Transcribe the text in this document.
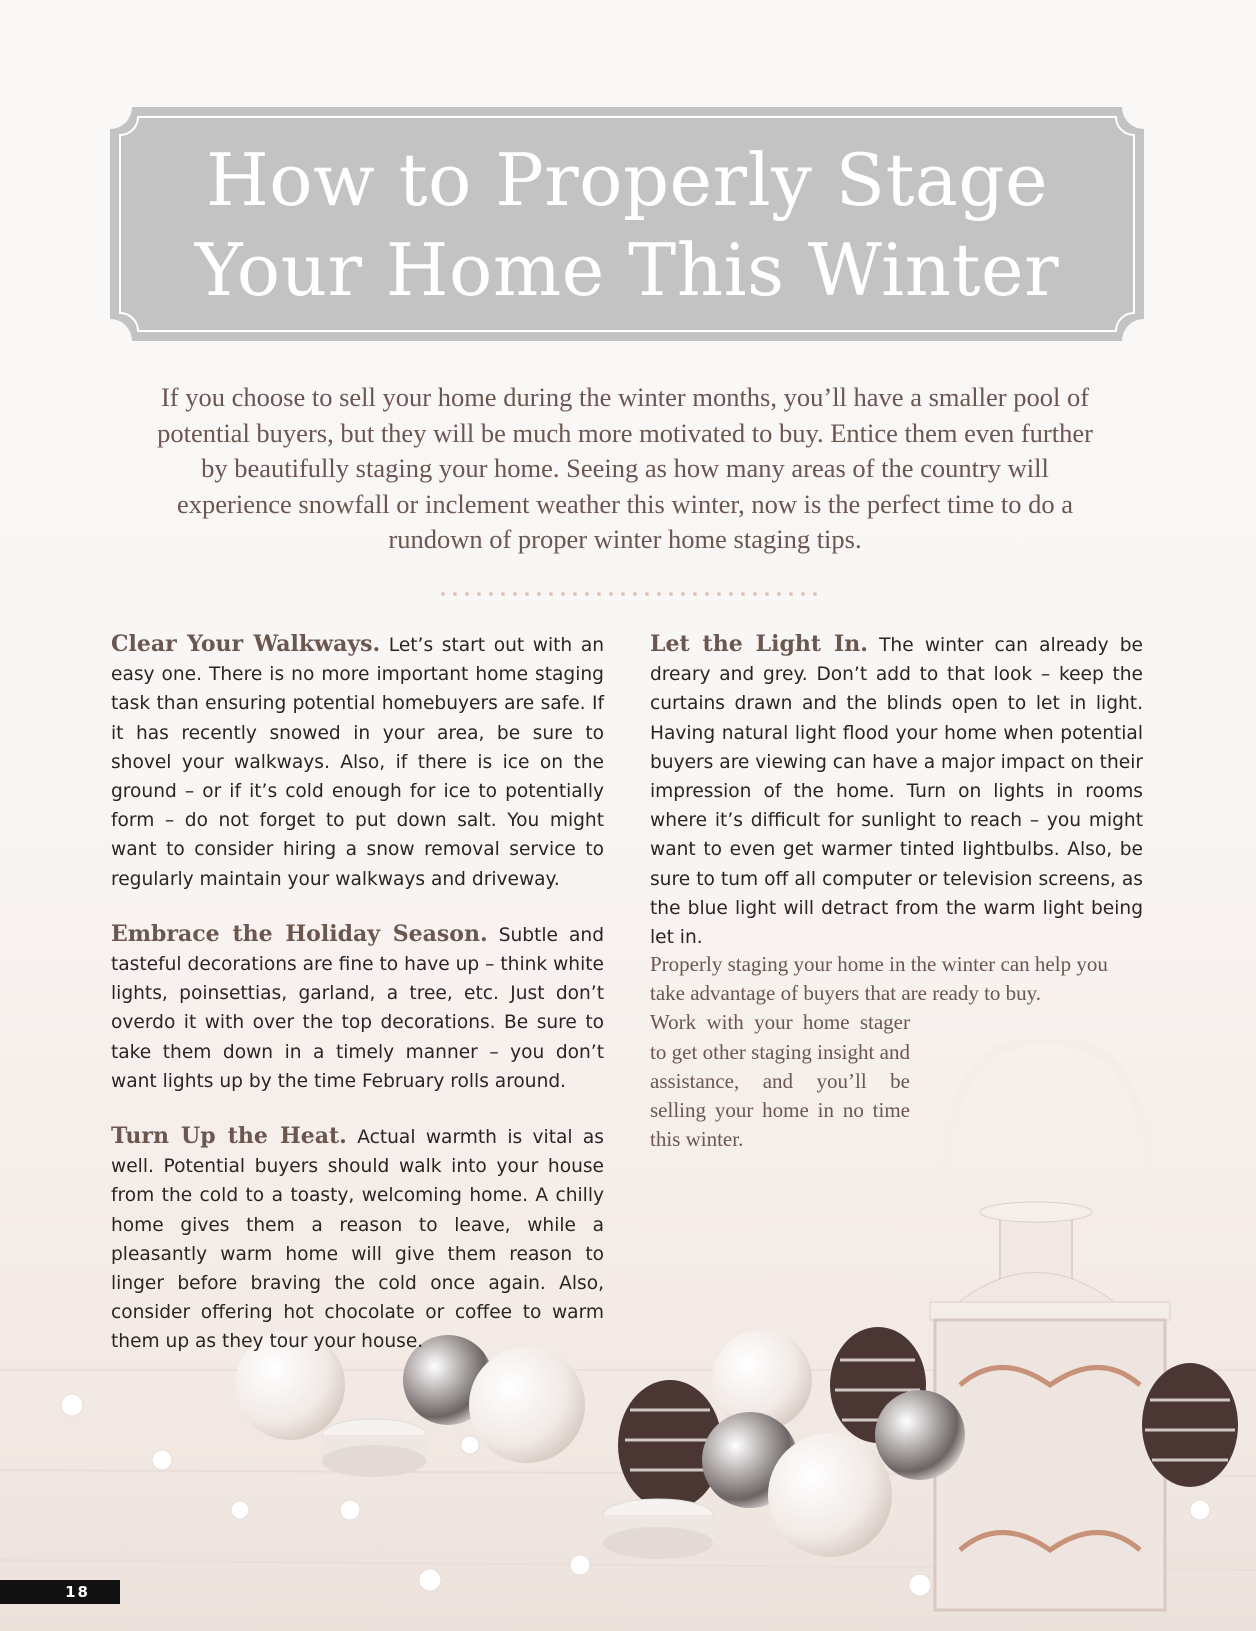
How to Properly Stage
Your Home This Winter
If you choose to sell your home during the winter months, you’ll have a smaller pool of potential buyers, but they will be much more motivated to buy. Entice them even further by beautifully staging your home. Seeing as how many areas of the country will experience snowfall or inclement weather this winter, now is the perfect time to do a rundown of proper winter home staging tips.

Clear Your Walkways. Let’s start out with an easy one. There is no more important home staging task than ensuring potential homebuyers are safe. If it has recently snowed in your area, be sure to shovel your walkways. Also, if there is ice on the ground – or if it’s cold enough for ice to potentially form – do not forget to put down salt. You might want to consider hiring a snow removal service to regularly maintain your walkways and driveway.

Embrace the Holiday Season. Subtle and tasteful decorations are fine to have up – think white lights, poinsettias, garland, a tree, etc. Just don’t overdo it with over the top decorations. Be sure to take them down in a timely manner – you don’t want lights up by the time February rolls around.

Turn Up the Heat. Actual warmth is vital as well. Potential buyers should walk into your house from the cold to a toasty, welcoming home. A chilly home gives them a reason to leave, while a pleasantly warm home will give them reason to linger before braving the cold once again. Also, consider offering hot chocolate or coffee to warm them up as they tour your house.

Let the Light In. The winter can already be dreary and grey. Don’t add to that look – keep the curtains drawn and the blinds open to let in light. Having natural light flood your home when potential buyers are viewing can have a major impact on their impression of the home. Turn on lights in rooms where it’s difficult for sunlight to reach – you might want to even get warmer tinted lightbulbs. Also, be sure to tum off all computer or television screens, as the blue light will detract from the warm light being let in.

Properly staging your home in the winter can help you take advantage of buyers that are ready to buy.
Work with your home stager to get other staging insight and assistance, and you’ll be selling your home in no time this winter.
18
